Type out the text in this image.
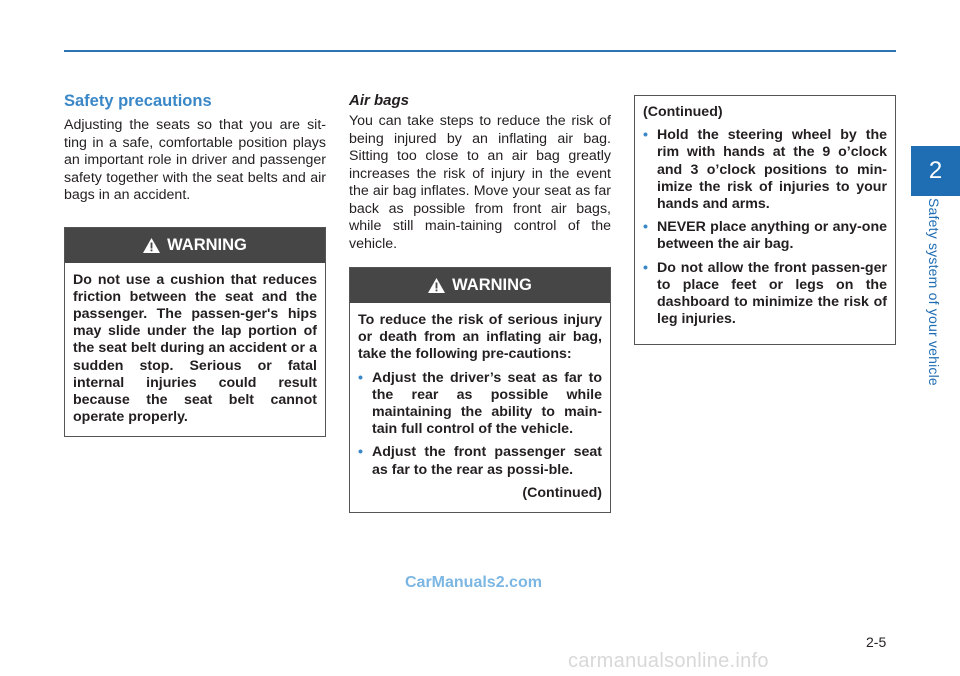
2
Safety system of your vehicle
Safety precautions

Adjusting the seats so that you are sit-ting in a safe, comfortable position plays an important role in driver and passenger safety together with the seat belts and air bags in an accident.

WARNING

Do not use a cushion that reduces friction between the seat and the passenger. The passen-ger's hips may slide under the lap portion of the seat belt during an accident or a sudden stop. Serious or fatal internal injuries could result because the seat belt cannot operate properly.

Air bags

You can take steps to reduce the risk of being injured by an inflating air bag. Sitting too close to an air bag greatly increases the risk of injury in the event the air bag inflates. Move your seat as far back as possible from front air bags, while still main-taining control of the vehicle.

WARNING

To reduce the risk of serious injury or death from an inflating air bag, take the following pre-cautions:

• Adjust the driver’s seat as far to the rear as possible while maintaining the ability to main-tain full control of the vehicle.
• Adjust the front passenger seat as far to the rear as possi-ble.

(Continued)

(Continued)

• Hold the steering wheel by the rim with hands at the 9 o’clock and 3 o’clock positions to min-imize the risk of injuries to your hands and arms.
• NEVER place anything or any-one between the air bag.
• Do not allow the front passen-ger to place feet or legs on the dashboard to minimize the risk of leg injuries.
CarManuals2.com
2-5
carmanualsonline.info
